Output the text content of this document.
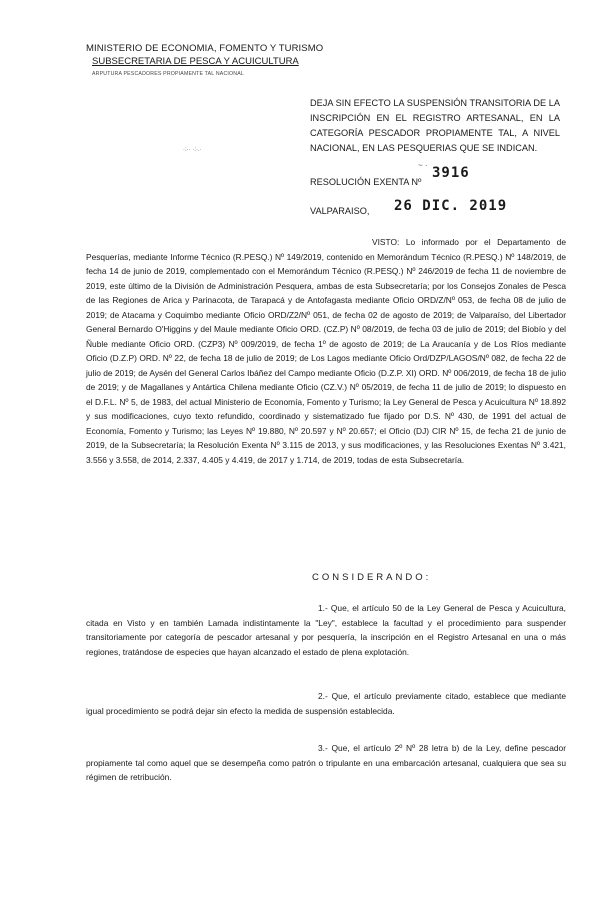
MINISTERIO DE ECONOMIA, FOMENTO Y TURISMO
SUBSECRETARIA DE PESCA Y ACUICULTURA
ARPUTURA PESCADORES PROPIAMENTE TAL NACIONAL
DEJA SIN EFECTO LA SUSPENSIÓN TRANSITORIA DE LA INSCRIPCIÓN EN EL REGISTRO ARTESANAL, EN LA CATEGORÍA PESCADOR PROPIAMENTE TAL, A NIVEL NACIONAL, EN LAS PESQUERIAS QUE SE INDICAN.
·:·· ·:·.·
~ ·
RESOLUCIÓN EXENTA Nº
3916
VALPARAISO, 26 DIC. 2019
VISTO: Lo informado por el Departamento de Pesquerías, mediante Informe Técnico (R.PESQ.) Nº 149/2019, contenido en Memorándum Técnico (R.PESQ.) Nº 148/2019, de fecha 14 de junio de 2019, complementado con el Memorándum Técnico (R.PESQ.) Nº 246/2019 de fecha 11 de noviembre de 2019, este último de la División de Administración Pesquera, ambas de esta Subsecretaría; por los Consejos Zonales de Pesca de las Regiones de Arica y Parinacota, de Tarapacá y de Antofagasta mediante Oficio ORD/Z/Nº 053, de fecha 08 de julio de 2019; de Atacama y Coquimbo mediante Oficio ORD/Z2/Nº 051, de fecha 02 de agosto de 2019; de Valparaíso, del Libertador General Bernardo O'Higgins y del Maule mediante Oficio ORD. (CZ.P) Nº 08/2019, de fecha 03 de julio de 2019; del Biobío y del Ñuble mediante Oficio ORD. (CZP3) Nº 009/2019, de fecha 1º de agosto de 2019; de La Araucanía y de Los Ríos mediante Oficio (D.Z.P) ORD. Nº 22, de fecha 18 de julio de 2019; de Los Lagos mediante Oficio Ord/DZP/LAGOS/Nº 082, de fecha 22 de julio de 2019; de Aysén del General Carlos Ibáñez del Campo mediante Oficio (D.Z.P. XI) ORD. Nº 006/2019, de fecha 18 de julio de 2019; y de Magallanes y Antártica Chilena mediante Oficio (CZ.V.) Nº 05/2019, de fecha 11 de julio de 2019; lo dispuesto en el D.F.L. Nº 5, de 1983, del actual Ministerio de Economía, Fomento y Turismo; la Ley General de Pesca y Acuicultura Nº 18.892 y sus modificaciones, cuyo texto refundido, coordinado y sistematizado fue fijado por D.S. Nº 430, de 1991 del actual de Economía, Fomento y Turismo; las Leyes Nº 19.880, Nº 20.597 y Nº 20.657; el Oficio (DJ) CIR Nº 15, de fecha 21 de junio de 2019, de la Subsecretaría; la Resolución Exenta Nº 3.115 de 2013, y sus modificaciones, y las Resoluciones Exentas Nº 3.421, 3.556 y 3.558, de 2014, 2.337, 4.405 y 4.419, de 2017 y 1.714, de 2019, todas de esta Subsecretaría.
CONSIDERANDO:
1.- Que, el artículo 50 de la Ley General de Pesca y Acuicultura, citada en Visto y en también Lamada indistintamente la "Ley", establece la facultad y el procedimiento para suspender transitoriamente por categoría de pescador artesanal y por pesquería, la inscripción en el Registro Artesanal en una o más regiones, tratándose de especies que hayan alcanzado el estado de plena explotación.
2.- Que, el artículo previamente citado, establece que mediante igual procedimiento se podrá dejar sin efecto la medida de suspensión establecida.
3.- Que, el artículo 2º Nº 28 letra b) de la Ley, define pescador propiamente tal como aquel que se desempeña como patrón o tripulante en una embarcación artesanal, cualquiera que sea su régimen de retribución.
